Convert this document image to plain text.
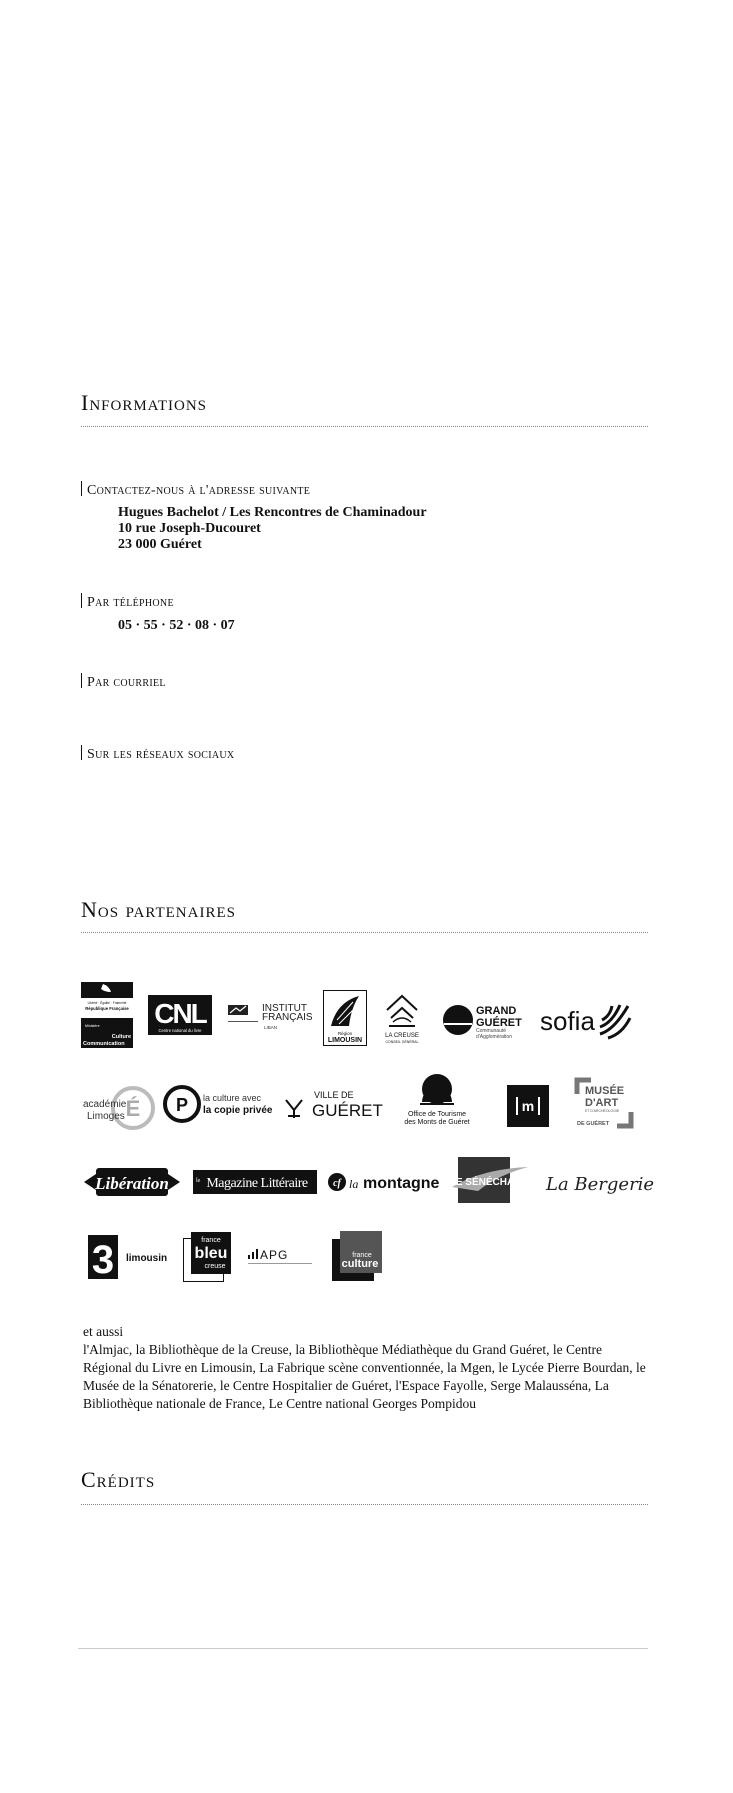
Informations
Contactez-nous à l'adresse suivante
Hugues Bachelot / Les Rencontres de Chaminadour
10 rue Joseph-Ducouret
23 000 Guéret
Par téléphone
05 · 55 · 52 · 08 · 07
Par courriel
Sur les réseaux sociaux
Nos partenaires
Liberté · Égalité · Fraternité
République Française
Ministère
Culture
Communication
CNL
Centre national du livre
INSTITUT
FRANÇAIS
LIBAN
Région
LIMOUSIN
LA CREUSE
CONSEIL GÉNÉRAL
GRAND
GUÉRET
Communauté
d'Agglomération
sofia
É
académie
Limoges
P la culture avec
la copie privée
VILLE DE
GUÉRET	Office de Tourisme
des Monts de Guéret
m
MUSÉE
D'ART
ET D'ARCHÉOLOGIE
DE GUÉRET
Libération	le Magazine Littéraire	cf la montagne LE SÉNÉCHAL La Bergerie
3 limousin
france
bleu
creuse
APG	france
culture
et aussi
l'Almjac, la Bibliothèque de la Creuse, la Bibliothèque Médiathèque du Grand Guéret, le Centre Régional du Livre en Limousin, La Fabrique scène conventionnée, la Mgen, le Lycée Pierre Bourdan, le Musée de la Sénatorerie, le Centre Hospitalier de Guéret, l'Espace Fayolle, Serge Malausséna, La Bibliothèque nationale de France, Le Centre national Georges Pompidou
Crédits
